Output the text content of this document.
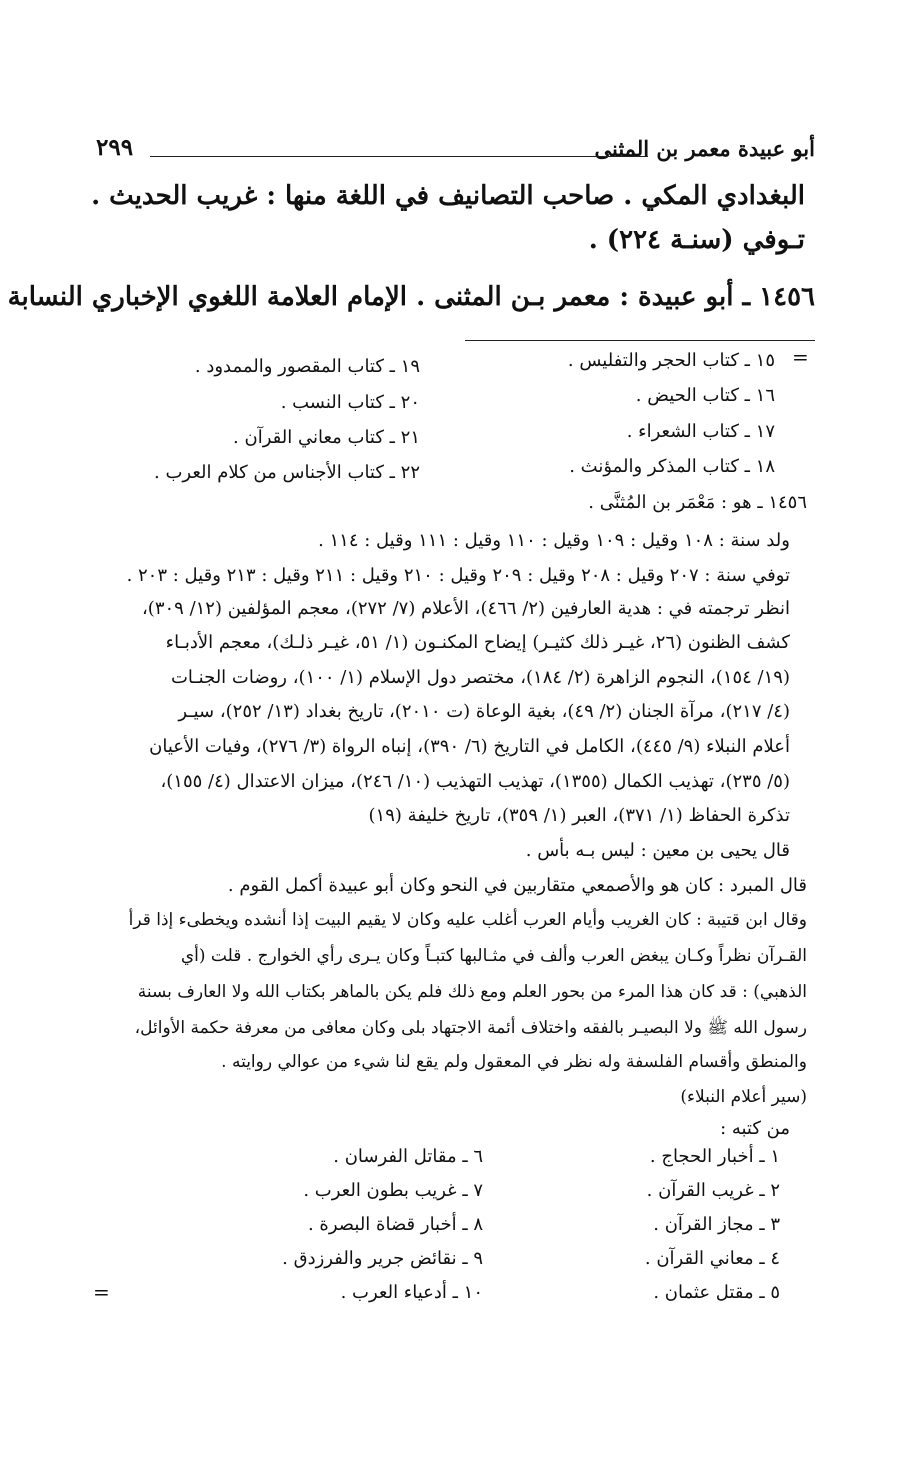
أبو عبيدة معمر بن المثنى
٢٩٩
البغدادي المكي . صاحب التصانيف في اللغة منها : غريب الحديث .
تـوفي (سنـة ٢٢٤) .
١٤٥٦ ـ أبو عبيدة : معمر بـن المثنى . الإمام العلامة اللغوي الإخباري النسابة
=
١٥ ـ كتاب الحجر والتفليس .
١٦ ـ كتاب الحيض .
١٧ ـ كتاب الشعراء .
١٨ ـ كتاب المذكر والمؤنث .
١٩ ـ كتاب المقصور والممدود .
٢٠ ـ كتاب النسب .
٢١ ـ كتاب معاني القرآن .
٢٢ ـ كتاب الأجناس من كلام العرب .
١٤٥٦ ـ هو : مَعْمَر بن المُثنَّى .
ولد سنة : ١٠٨ وقيل : ١٠٩ وقيل : ١١٠ وقيل : ١١١ وقيل : ١١٤ .
توفي سنة : ٢٠٧ وقيل : ٢٠٨ وقيل : ٢٠٩ وقيل : ٢١٠ وقيل : ٢١١ وقيل : ٢١٣ وقيل : ٢٠٣ .
انظر ترجمته في : هدية العارفين (٢/ ٤٦٦)، الأعلام (٧/ ٢٧٢)، معجم المؤلفين (١٢/ ٣٠٩)،
كشف الظنون (٢٦، غيـر ذلك كثيـر) إيضاح المكنـون (١/ ٥١، غيـر ذلـك)، معجم الأدبـاء
(١٩/ ١٥٤)، النجوم الزاهرة (٢/ ١٨٤)، مختصر دول الإسلام (١/ ١٠٠)، روضات الجنـات
(٤/ ٢١٧)، مرآة الجنان (٢/ ٤٩)، بغية الوعاة (ت ٢٠١٠)، تاريخ بغداد (١٣/ ٢٥٢)، سيـر
أعلام النبلاء (٩/ ٤٤٥)، الكامل في التاريخ (٦/ ٣٩٠)، إنباه الرواة (٣/ ٢٧٦)، وفيات الأعيان
(٥/ ٢٣٥)، تهذيب الكمال (١٣٥٥)، تهذيب التهذيب (١٠/ ٢٤٦)، ميزان الاعتدال (٤/ ١٥٥)،
تذكرة الحفاظ (١/ ٣٧١)، العبر (١/ ٣٥٩)، تاريخ خليفة (١٩)
قال يحيى بن معين : ليس بـه بأس .
قال المبرد : كان هو والأصمعي متقاربين في النحو وكان أبو عبيدة أكمل القوم .
وقال ابن قتيبة : كان الغريب وأيام العرب أغلب عليه وكان لا يقيم البيت إذا أنشده ويخطىء إذا قرأ
القـرآن نظراً وكـان يبغض العرب وألف في مثـالبها كتبـاً وكان يـرى رأي الخوارج . قلت (أي
الذهبي) : قد كان هذا المرء من بحور العلم ومع ذلك فلم يكن بالماهر بكتاب الله ولا العارف بسنة
رسول الله ﷺ ولا البصيـر بالفقه واختلاف أئمة الاجتهاد بلى وكان معافى من معرفة حكمة الأوائل،
والمنطق وأقسام الفلسفة وله نظر في المعقول ولم يقع لنا شيء من عوالي روايته .
(سير أعلام النبلاء)
من كتبه :
١ ـ أخبار الحجاج .
٢ ـ غريب القرآن .
٣ ـ مجاز القرآن .
٤ ـ معاني القرآن .
٥ ـ مقتل عثمان .
٦ ـ مقاتل الفرسان .
٧ ـ غريب بطون العرب .
٨ ـ أخبار قضاة البصرة .
٩ ـ نقائض جرير والفرزدق .
١٠ ـ أدعياء العرب .
=
